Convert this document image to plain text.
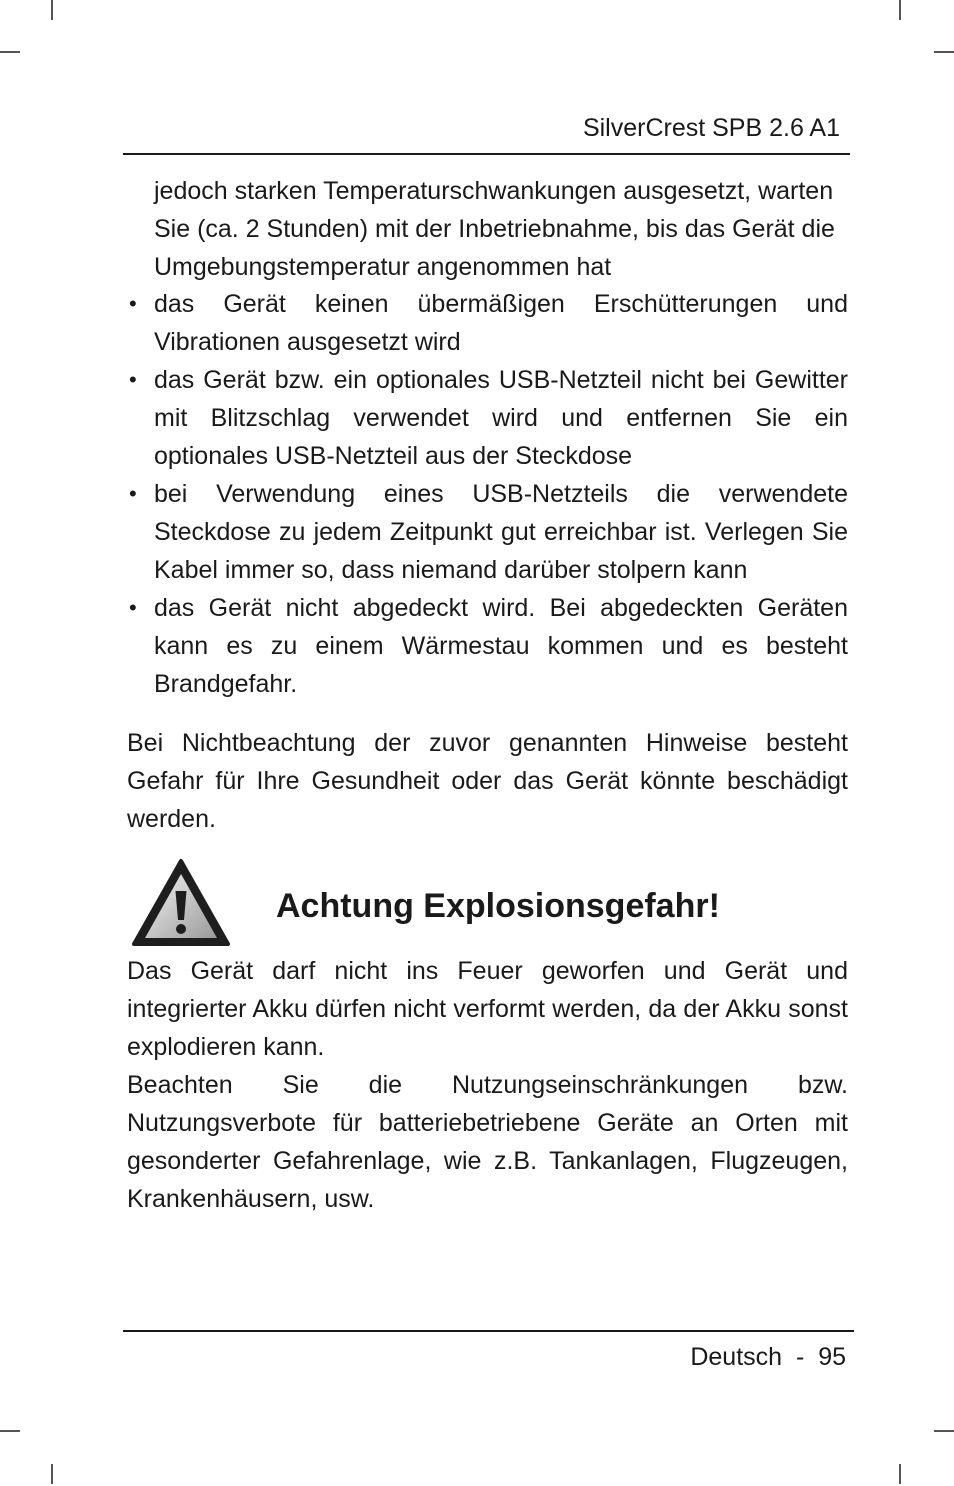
SilverCrest SPB 2.6 A1
jedoch starken Temperaturschwankungen ausgesetzt, warten Sie (ca. 2 Stunden) mit der Inbetriebnahme, bis das Gerät die Umgebungstemperatur angenommen hat
• das Gerät keinen übermäßigen Erschütterungen und Vibrationen ausgesetzt wird
• das Gerät bzw. ein optionales USB-Netzteil nicht bei Gewitter mit Blitzschlag verwendet wird und entfernen Sie ein optionales USB-Netzteil aus der Steckdose
• bei Verwendung eines USB-Netzteils die verwendete Steckdose zu jedem Zeitpunkt gut erreichbar ist. Verlegen Sie Kabel immer so, dass niemand darüber stolpern kann
• das Gerät nicht abgedeckt wird. Bei abgedeckten Geräten kann es zu einem Wärmestau kommen und es besteht Brandgefahr.

Bei Nichtbeachtung der zuvor genannten Hinweise besteht Gefahr für Ihre Gesundheit oder das Gerät könnte beschädigt werden.

Achtung Explosionsgefahr!

Das Gerät darf nicht ins Feuer geworfen und Gerät und integrierter Akku dürfen nicht verformt werden, da der Akku sonst explodieren kann.

Beachten Sie die Nutzungseinschränkungen bzw. Nutzungsverbote für batteriebetriebene Geräte an Orten mit gesonderter Gefahrenlage, wie z.B. Tankanlagen, Flugzeugen, Krankenhäusern, usw.

Deutsch - 95
